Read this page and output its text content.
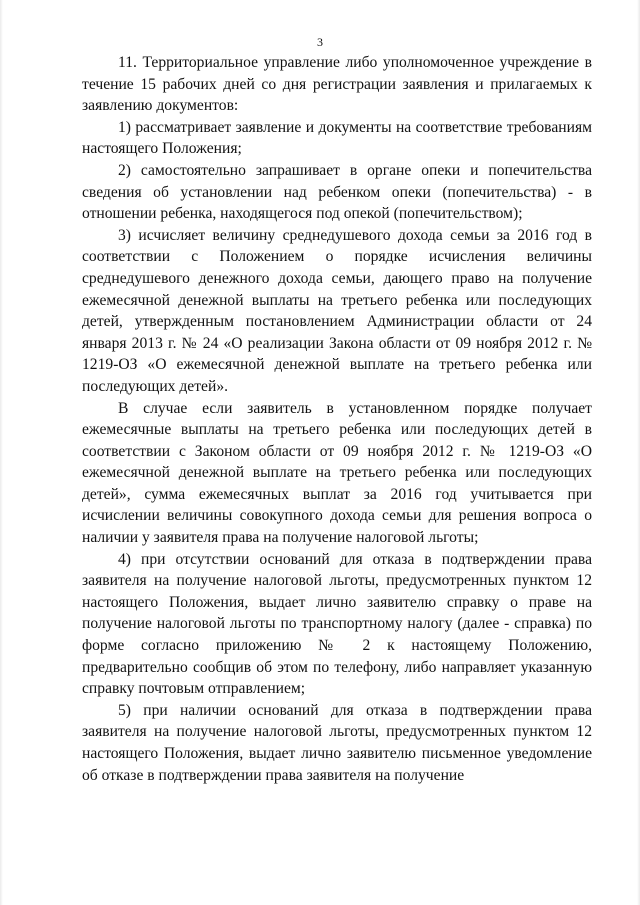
3

11. Территориальное управление либо уполномоченное учреждение в течение 15 рабочих дней со дня регистрации заявления и прилагаемых к заявлению документов:

1) рассматривает заявление и документы на соответствие требованиям настоящего Положения;

2) самостоятельно запрашивает в органе опеки и попечительства сведения об установлении над ребенком опеки (попечительства) - в отношении ребенка, находящегося под опекой (попечительством);

3) исчисляет величину среднедушевого дохода семьи за 2016 год в соответствии с Положением о порядке исчисления величины среднедушевого денежного дохода семьи, дающего право на получение ежемесячной денежной выплаты на третьего ребенка или последующих детей, утвержденным постановлением Администрации области от 24 января 2013 г. № 24 «О реализации Закона области от 09 ноября 2012 г. № 1219-ОЗ «О ежемесячной денежной выплате на третьего ребенка или последующих детей».

В случае если заявитель в установленном порядке получает ежемесячные выплаты на третьего ребенка или последующих детей в соответствии с Законом области от 09 ноября 2012 г. № 1219-ОЗ «О ежемесячной денежной выплате на третьего ребенка или последующих детей», сумма ежемесячных выплат за 2016 год учитывается при исчислении величины совокупного дохода семьи для решения вопроса о наличии у заявителя права на получение налоговой льготы;

4) при отсутствии оснований для отказа в подтверждении права заявителя на получение налоговой льготы, предусмотренных пунктом 12 настоящего Положения, выдает лично заявителю справку о праве на получение налоговой льготы по транспортному налогу (далее - справка) по форме согласно приложению № 2 к настоящему Положению, предварительно сообщив об этом по телефону, либо направляет указанную справку почтовым отправлением;

5) при наличии оснований для отказа в подтверждении права заявителя на получение налоговой льготы, предусмотренных пунктом 12 настоящего Положения, выдает лично заявителю письменное уведомление об отказе в подтверждении права заявителя на получение
